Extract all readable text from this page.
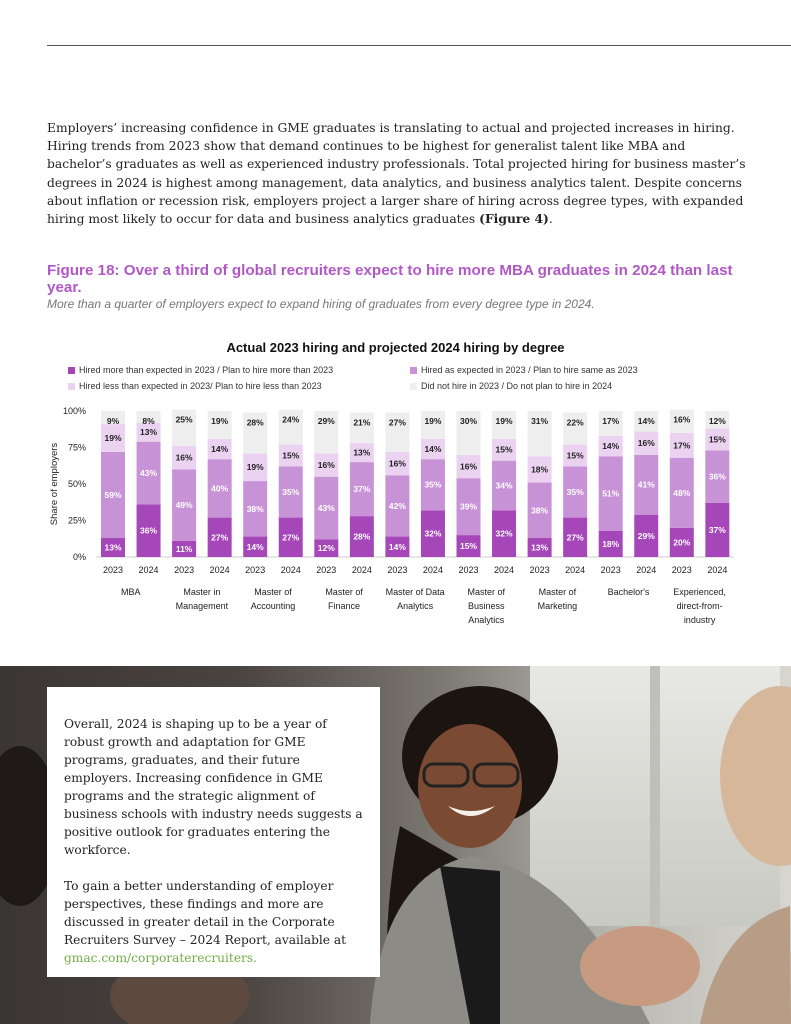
Employers’ increasing confidence in GME graduates is translating to actual and projected increases in hiring. Hiring trends from 2023 show that demand continues to be highest for generalist talent like MBA and bachelor’s graduates as well as experienced industry professionals. Total projected hiring for business master’s degrees in 2024 is highest among management, data analytics, and business analytics talent. Despite concerns about inflation or recession risk, employers project a larger share of hiring across degree types, with expanded hiring most likely to occur for data and business analytics graduates (Figure 4).

Figure 18: Over a third of global recruiters expect to hire more MBA graduates in 2024 than last year.

More than a quarter of employers expect to expand hiring of graduates from every degree type in 2024.

Actual 2023 hiring and projected 2024 hiring by degree

Hired more than expected in 2023 / Plan to hire more than 2023	Hired as expected in 2023 / Plan to hire same as 2023
Hired less than expected in 2023/ Plan to hire less than 2023	Did not hire in 2023 / Do not plan to hire in 2024
Share of employers
0%
25%
50%
75%
100%
13%
59%
19%
9%
2023
36%
43%
13%
8%
2024
11%
49%
16%
25%
2023
27%
40%
14%
19%
2024
14%
38%
19%
28%
2023
27%
35%
15%
24%
2024
12%
43%
16%
29%
2023
28%
37%
13%
21%
2024
14%
42%
16%
27%
2023
32%
35%
14%
19%
2024
15%
39%
16%
30%
2023
32%
34%
15%
19%
2024
13%
38%
18%
31%
2023
27%
35%
15%
22%
2024
18%
51%
14%
17%
2023
29%
41%
16%
14%
2024
20%
48%
17%
16%
2023
37%
36%
15%
12%
2024
MBA	Master in Management
Master of Accounting
Master of Finance
Master of Data Analytics
Master of Business Analytics
Master of Marketing
Bachelor's	Experienced, direct-from-industry

Overall, 2024 is shaping up to be a year of robust growth and adaptation for GME programs, graduates, and their future employers. Increasing confidence in GME programs and the strategic alignment of business schools with industry needs suggests a positive outlook for graduates entering the workforce.

To gain a better understanding of employer perspectives, these findings and more are discussed in greater detail in the Corporate Recruiters Survey – 2024 Report, available at gmac.com/corporaterecruiters.
